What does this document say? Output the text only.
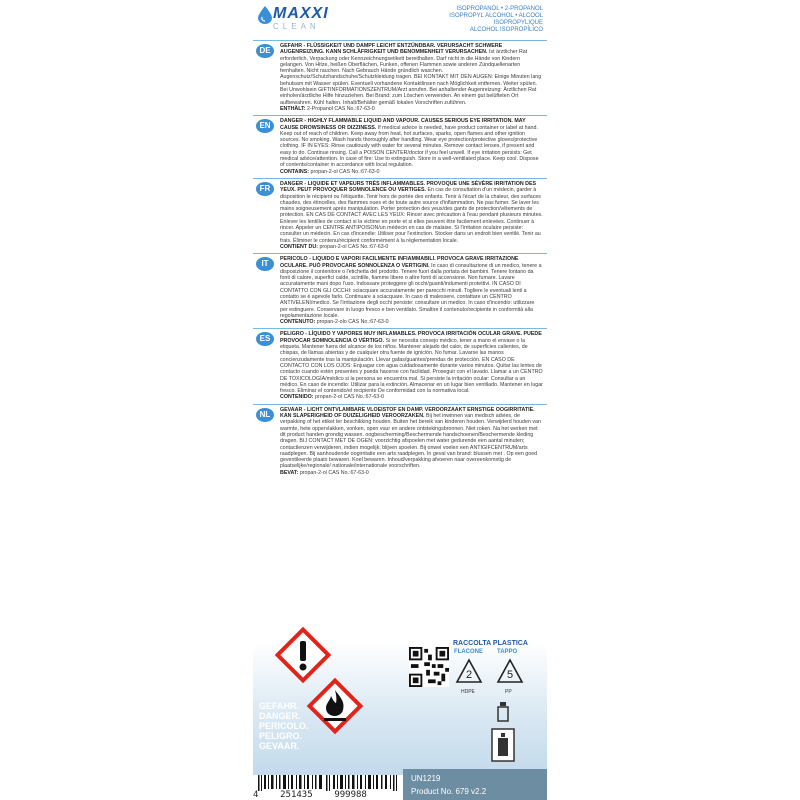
MAXXI
CLEAN
ISOPROPANOL • 2-PROPANOL
ISOPROPYL ALCOHOL • ALCOOL ISOPROPYLIQUE
ALCOHOL ISOPROPÍLICO
DE	GEFAHR - FLÜSSIGKEIT UND DAMPF LEICHT ENTZÜNDBAR. VERURSACHT SCHWERE AUGENREIZUNG. KANN SCHLÄFRIGKEIT UND BENOMMENHEIT VERURSACHEN. Ist ärztlicher Rat erforderlich, Verpackung oder Kennzeichnungsetikett bereithalten. Darf nicht in die Hände von Kindern gelangen. Von Hitze, heißen Oberflächen, Funken, offenen Flammen sowie anderen Zündquellenarten fernhalten. Nicht rauchen. Nach Gebrauch Hände gründlich waschen. Augenschutz/Schutzhandschuhe/Schutzkleidung tragen. BEI KONTAKT MIT DEN AUGEN: Einige Minuten lang behutsam mit Wasser spülen. Eventuell vorhandene Kontaktlinsen nach Möglichkeit entfernen. Weiter spülen. Bei Unwohlsein GIFTINFORMATIONSZENTRUM/Arzt anrufen. Bei anhaltender Augenreizung: Ärztlichen Rat einholen/ärztliche Hilfe hinzuziehen. Bei Brand: zum Löschen verwenden. An einem gut belüfteten Ort aufbewahren. Kühl halten. Inhalt/Behälter gemäß lokalen Vorschriften zuführen.
ENTHÄLT: 2-Propanol CAS No.:67-63-0
EN	DANGER - HIGHLY FLAMMABLE LIQUID AND VAPOUR. CAUSES SERIOUS EYE IRRITATION. MAY CAUSE DROWSINESS OR DIZZINESS. If medical advice is needed, have product container or label at hand. Keep out of reach of children. Keep away from heat, hot surfaces, sparks, open flames and other ignition sources. No smoking. Wash hands thoroughly after handling. Wear eye protection/protective gloves/protective clothing. IF IN EYES: Rinse cautiously with water for several minutes. Remove contact lenses, if present and easy to do. Continue rinsing. Call a POISON CENTER/doctor if you feel unwell. If eye irritation persists: Get medical advice/attention. In case of fire: Use to extinguish. Store in a well-ventilated place. Keep cool. Dispose of contents/container in accordance with local regulation.
CONTAINS: propan-2-ol CAS No.:67-63-0
FR	DANGER - LIQUIDE ET VAPEURS TRÈS INFLAMMABLES. PROVOQUE UNE SÉVÈRE IRRITATION DES YEUX. PEUT PROVOQUER SOMNOLENCE OU VERTIGES. En cas de consultation d'un médecin, garder à disposition le récipient ou l'étiquette. Tenir hors de portée des enfants. Tenir à l'écart de la chaleur, des surfaces chaudes, des étincelles, des flammes nues et de toute autre source d'inflammation. Ne pas fumer. Se laver les mains soigneusement après manipulation. Porter protection des yeux/des gants de protection/vêtements de protection. EN CAS DE CONTACT AVEC LES YEUX: Rincer avec précaution à l'eau pendant plusieurs minutes. Enlever les lentilles de contact si la victime en porte et si elles peuvent être facilement enlevées. Continuer à rincer. Appeler un CENTRE ANTIPOISON/un médecin en cas de malaise. Si l'irritation oculaire persiste: consulter un médecin. En cas d'incendie: Utiliser pour l'extinction. Stocker dans un endroit bien ventilé. Tenir au frais. Éliminer le contenu/récipient conformément à la réglementation locale.
CONTIENT DU: propan-2-ol CAS No.:67-63-0
IT	PERICOLO - LIQUIDO E VAPORI FACILMENTE INFIAMMABILI. PROVOCA GRAVE IRRITAZIONE OCULARE. PUÒ PROVOCARE SONNOLENZA O VERTIGINI. In caso di consultazione di un medico, tenere a disposizione il contenitore o l'etichetta del prodotto. Tenere fuori dalla portata dei bambini. Tenere lontano da fonti di calore, superfici calde, scintille, fiamme libere o altre fonti di accensione. Non fumare. Lavare accuratamente mani dopo l'uso. Indossare proteggere gli occhi/guanti/indumenti protettivi. IN CASO DI CONTATTO CON GLI OCCHI: sciacquare accuratamente per parecchi minuti. Togliere le eventuali lenti a contatto se è agevole farlo. Continuare a sciacquare. In caso di malessere, contattare un CENTRO ANTIVELENI/medico. Se l'irritazione degli occhi persiste: consultare un medico. In caso d'incendio: utilizzare per estinguere. Conservare in luogo fresco e ben ventilato. Smaltire il contenuto/recipiente in conformità alla regolamentazione locale.
CONTENUTO: propan-2-olo CAS No.:67-63-0
ES	PELIGRO - LÍQUIDO Y VAPORES MUY INFLAMABLES. PROVOCA IRRITACIÓN OCULAR GRAVE. PUEDE PROVOCAR SOMNOLENCIA O VÉRTIGO. Si se necesita consejo médico, tener a mano el envase o la etiqueta. Mantener fuera del alcance de los niños. Mantener alejado del calor, de superficies calientes, de chispas, de llamas abiertas y de cualquier otra fuente de ignición. No fumar. Lavarse las manos concienzudamente tras la manipulación. Llevar gafas/guantes/prendas de protección. EN CASO DE CONTACTO CON LOS OJOS: Enjuagar con agua cuidadosamente durante varios minutos. Quitar las lentes de contacto cuando estén presentes y pueda hacerse con facilidad. Proseguir con el lavado. Llamar a un CENTRO DE TOXICOLOGÍA/médico si la persona se encuentra mal. Si persiste la irritación ocular: Consultar a un médico. En caso de incendio: Utilizar para la extinción. Almacenar en un lugar bien ventilado. Mantener en lugar fresco. Eliminar el contenido/el recipiente De conformidad con la normativa local.
CONTENIDO: propan-2-ol CAS No.:67-63-0
NL	GEVAAR - LICHT ONTVLAMBARE VLOEISTOF EN DAMP. VEROORZAAKT ERNSTIGE OOGIRRITATIE. KAN SLAPERIGHEID OF DUIZELIGHEID VEROORZAKEN. Bij het inwinnen van medisch advies, de verpakking of het etiket ter beschikking houden. Buiten het bereik van kinderen houden. Verwijderd houden van warmte, hete oppervlakken, vonken, open vuur en andere ontstekingsbronnen. Niet roken. Na het werken met dit product handen grondig wassen. oogbescherming/Beschermende handschoenen/Beschermende kleding dragen. BIJ CONTACT MET DE OGEN: voorzichtig afspoelen met water gedurende een aantal minuten; contactlenzen verwijderen, indien mogelijk; blijven spoelen. Bij onwel voelen een ANTIGIFCENTRUM/arts raadplegen. Bij aanhoudende oogirritatie een arts raadplegen. In geval van brand: blussen met . Op een goed geventileerde plaats bewaren. Koel bewaren. Inhoud/verpakking afvoeren naar overeenkomstig de plaatselijke/regionale/ nationale/internationale voorschriften.
BEVAT: propan-2-ol CAS No.:67-63-0
GEFAHR.
DANGER.
PERICOLO.
PELIGRO.
GEVAAR.
RACCOLTA PLASTICA
FLACONE TAPPO
2	5
HDPE	PP

UN1219
Product No. 679 v2.2
4 251435 999988
